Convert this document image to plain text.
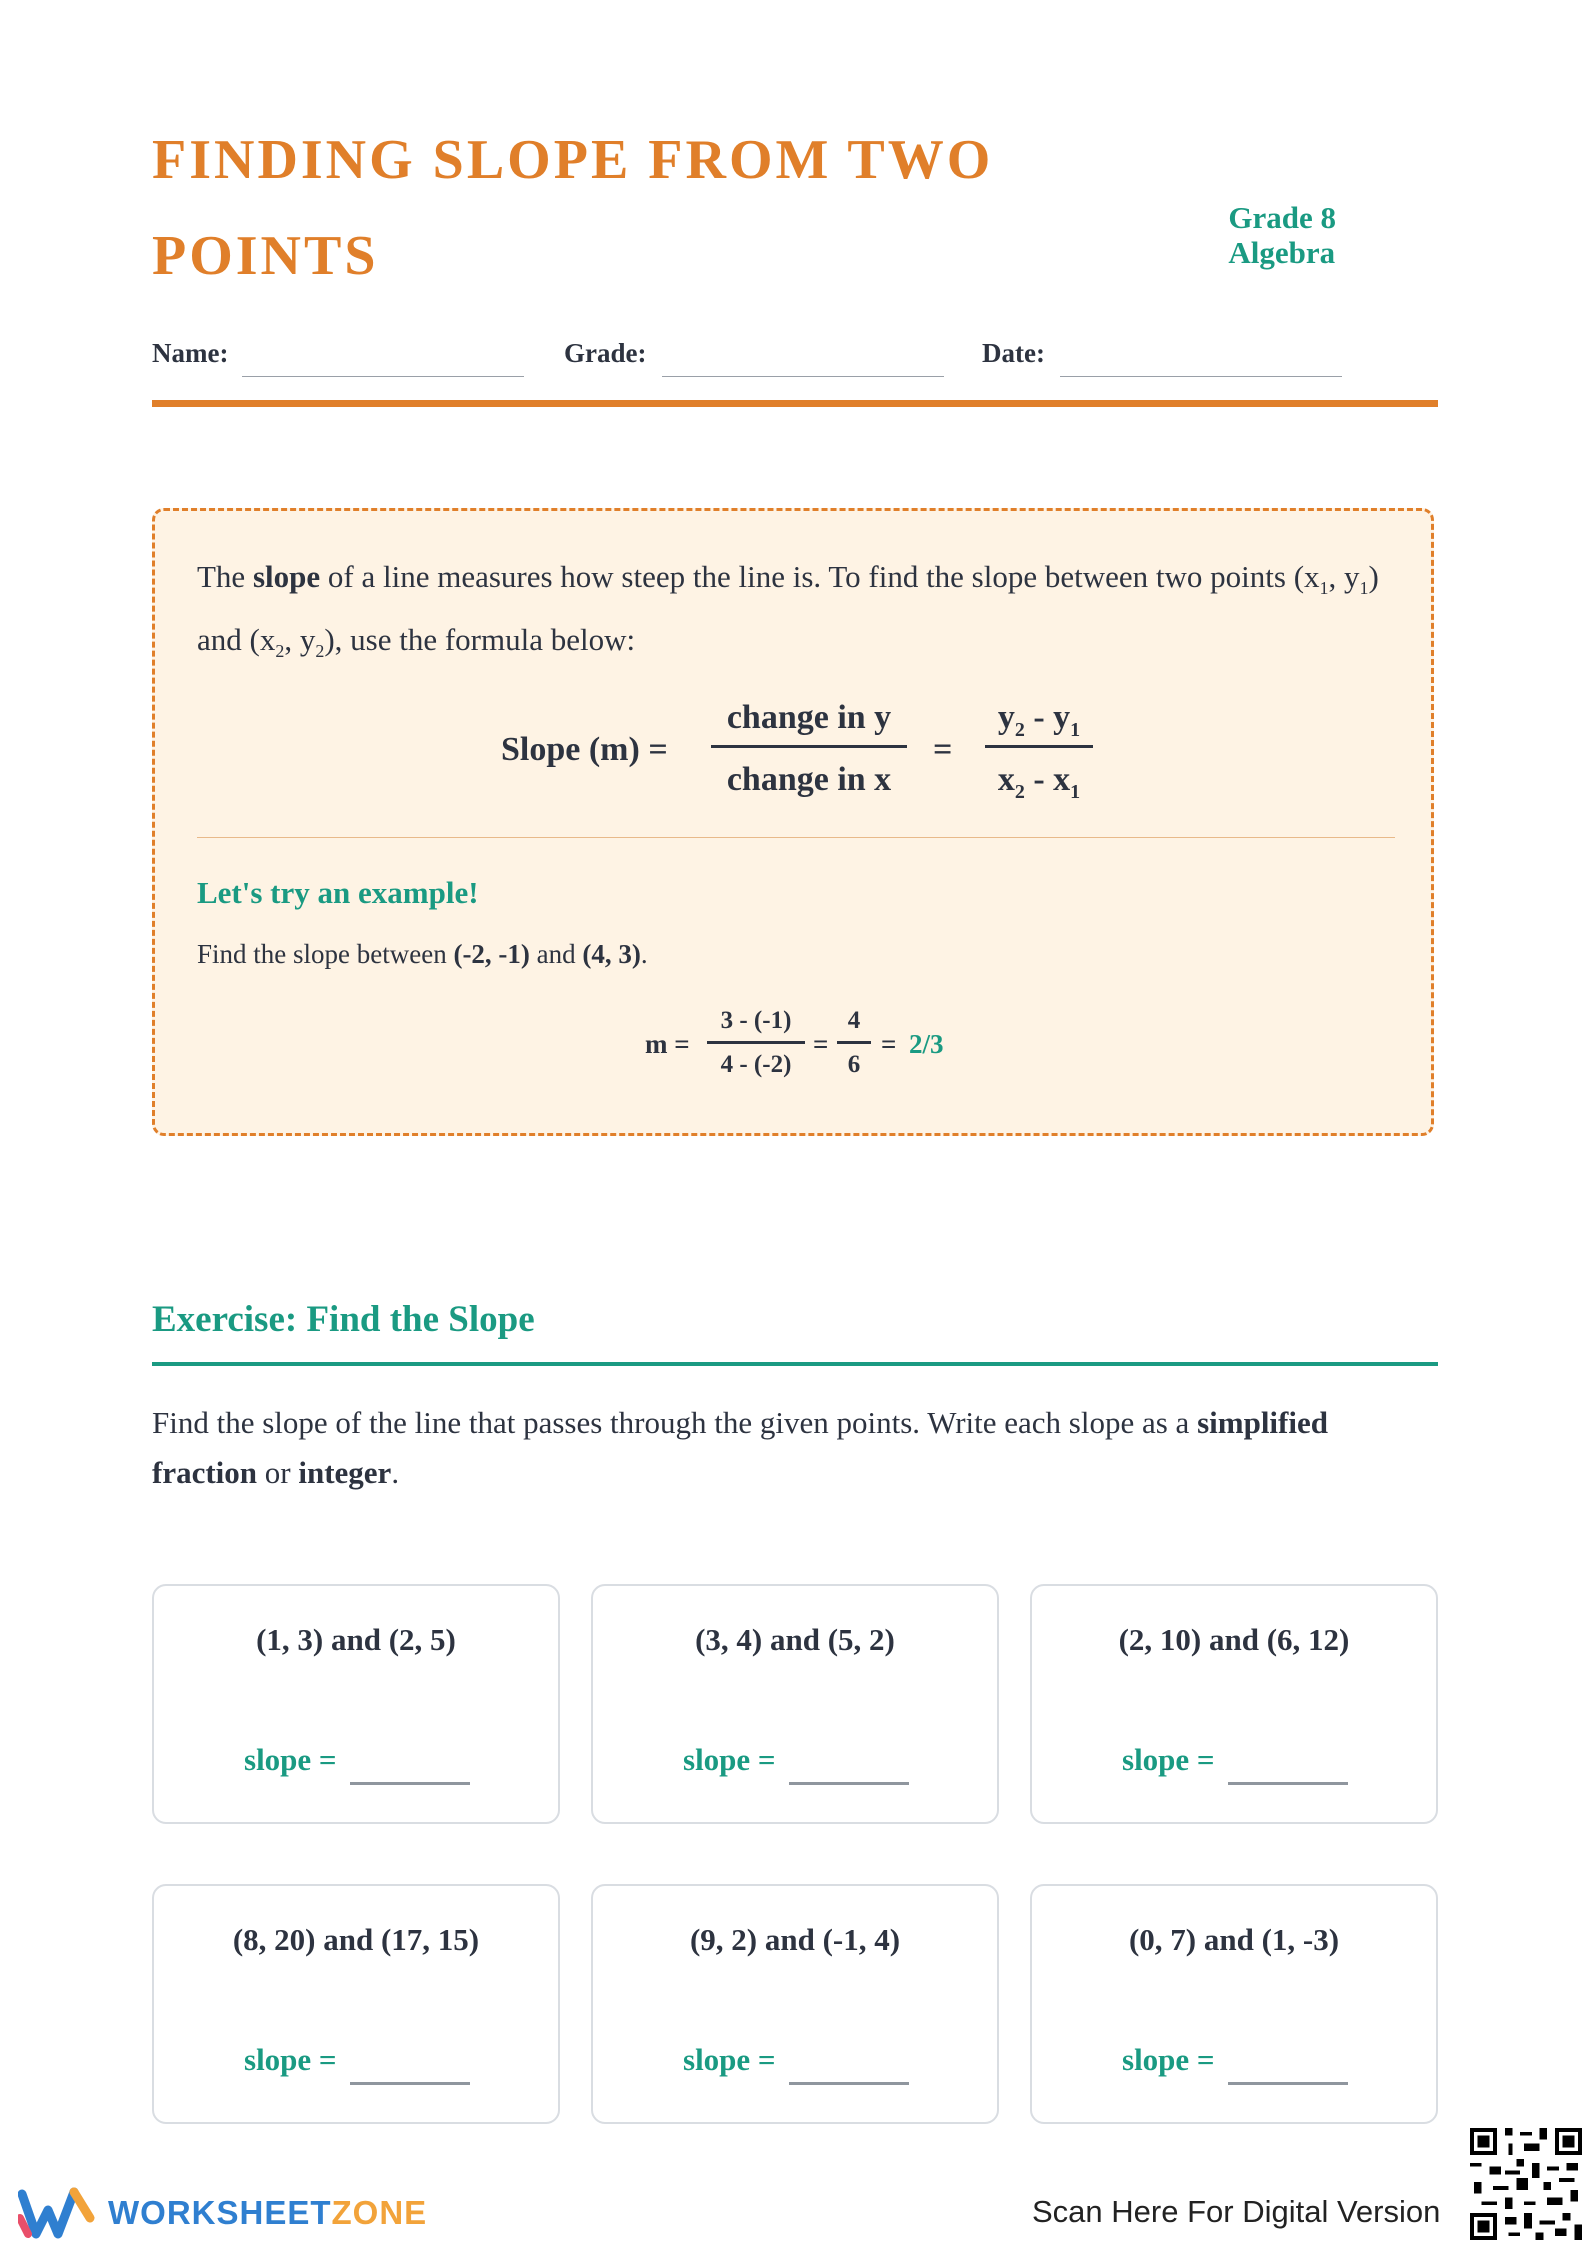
FINDING SLOPE FROM TWO
POINTS
Grade 8
Algebra
Name:	Grade:	Date:
The slope of a line measures how steep the line is. To find the slope between two points ($x_1$, $y_1$) and ($x_2$, $y_2$), use the formula below:
Slope (m) =
change in y
change in x
=
$y_2 - y_1$
$x_2 - x_1$
Let's try an example!
Find the slope between (-2, -1) and (4, 3).
m =
3 - (-1)
4 - (-2)
=
4
6
= 2/3
Exercise: Find the Slope
Find the slope of the line that passes through the given points. Write each slope as a simplified fraction or integer.
(1, 3) and (2, 5)
slope =
(3, 4) and (5, 2)
slope =
(2, 10) and (6, 12)
slope =
(8, 20) and (17, 15)
slope =
(9, 2) and (-1, 4)
slope =
(0, 7) and (1, -3)
slope =
WORKSHEETZONE	Scan Here For Digital Version
